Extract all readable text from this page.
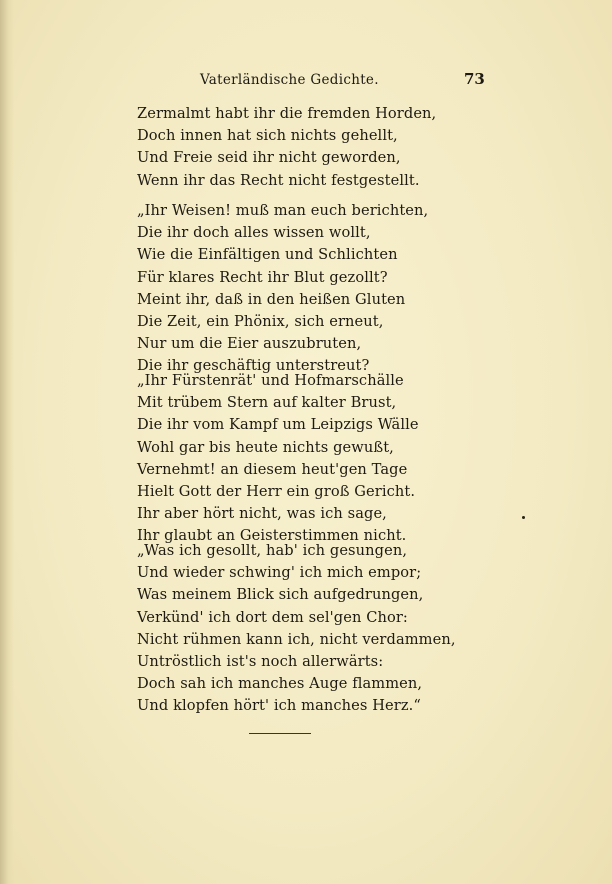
Vaterländische Gedichte.	73
Zermalmt habt ihr die fremden Horden,
Doch innen hat sich nichts gehellt,
Und Freie seid ihr nicht geworden,
Wenn ihr das Recht nicht festgestellt.
„Ihr Weisen! muß man euch berichten,
Die ihr doch alles wissen wollt,
Wie die Einfältigen und Schlichten
Für klares Recht ihr Blut gezollt?
Meint ihr, daß in den heißen Gluten
Die Zeit, ein Phönix, sich erneut,
Nur um die Eier auszubruten,
Die ihr geschäftig unterstreut?
„Ihr Fürstenrät' und Hofmarschälle
Mit trübem Stern auf kalter Brust,
Die ihr vom Kampf um Leipzigs Wälle
Wohl gar bis heute nichts gewußt,
Vernehmt! an diesem heut'gen Tage
Hielt Gott der Herr ein groß Gericht.
Ihr aber hört nicht, was ich sage,
Ihr glaubt an Geisterstimmen nicht.
„Was ich gesollt, hab' ich gesungen,
Und wieder schwing' ich mich empor;
Was meinem Blick sich aufgedrungen,
Verkünd' ich dort dem sel'gen Chor:
Nicht rühmen kann ich, nicht verdammen,
Untröstlich ist's noch allerwärts:
Doch sah ich manches Auge flammen,
Und klopfen hört' ich manches Herz.“
